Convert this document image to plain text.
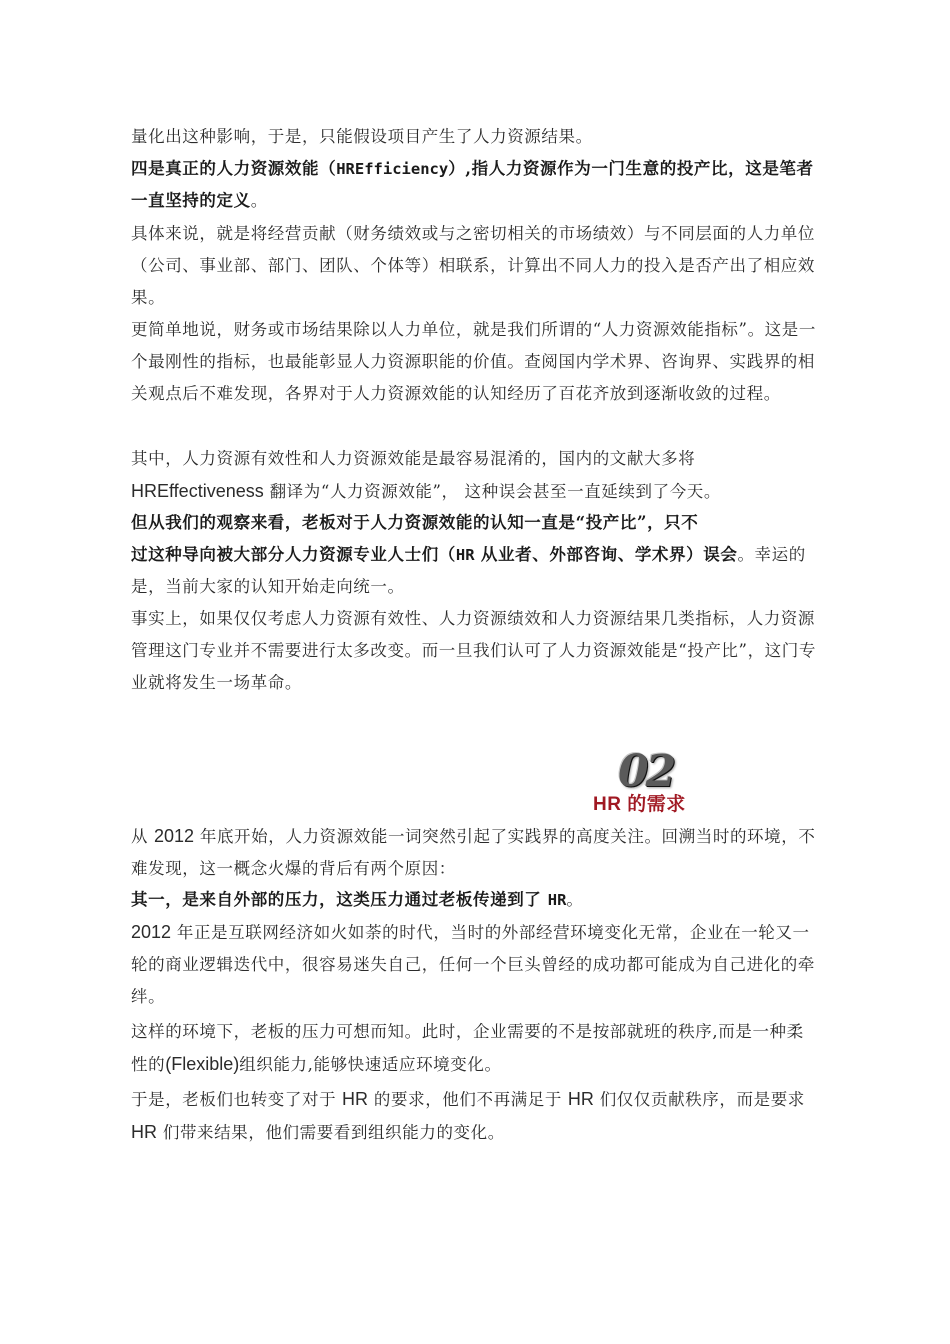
量化出这种影响，于是，只能假设项目产生了人力资源结果。

四是真正的人力资源效能（HREfficiency）,指人力资源作为一门生意的投产比，这是笔者一直坚持的定义。

具体来说，就是将经营贡献（财务绩效或与之密切相关的市场绩效）与不同层面的人力单位（公司、事业部、部门、团队、个体等）相联系，计算出不同人力的投入是否产出了相应效果。

更简单地说，财务或市场结果除以人力单位，就是我们所谓的“人力资源效能指标”。这是一个最刚性的指标，也最能彰显人力资源职能的价值。查阅国内学术界、咨询界、实践界的相关观点后不难发现，各界对于人力资源效能的认知经历了百花齐放到逐渐收敛的过程。

其中，人力资源有效性和人力资源效能是最容易混淆的，国内的文献大多将
HREffectiveness 翻译为“人力资源效能”， 这种误会甚至一直延续到了今天。

但从我们的观察来看，老板对于人力资源效能的认知一直是“投产比”，只不
过这种导向被大部分人力资源专业人士们（HR 从业者、外部咨询、学术界）误会。幸运的是，当前大家的认知开始走向统一。

事实上，如果仅仅考虑人力资源有效性、人力资源绩效和人力资源结果几类指标，人力资源管理这门专业并不需要进行太多改变。而一旦我们认可了人力资源效能是“投产比”，这门专业就将发生一场革命。

02
HR 的需求

从 2012 年底开始，人力资源效能一词突然引起了实践界的高度关注。回溯当时的环境，不难发现，这一概念火爆的背后有两个原因：

其一，是来自外部的压力，这类压力通过老板传递到了 HR。

2012 年正是互联网经济如火如荼的时代，当时的外部经营环境变化无常，企业在一轮又一轮的商业逻辑迭代中，很容易迷失自己，任何一个巨头曾经的成功都可能成为自己进化的牵绊。

这样的环境下，老板的压力可想而知。此时，企业需要的不是按部就班的秩序,而是一种柔性的(Flexible)组织能力,能够快速适应环境变化。

于是，老板们也转变了对于 HR 的要求，他们不再满足于 HR 们仅仅贡献秩序，而是要求 HR 们带来结果，他们需要看到组织能力的变化。
